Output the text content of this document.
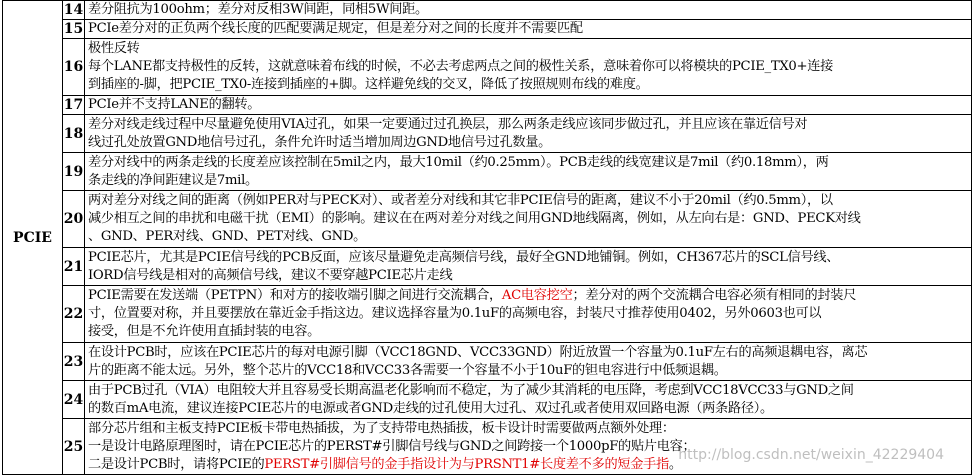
PCIE	14	差分阻抗为100ohm；差分对反相3W间距，同相5W间距。

	15	PCIe差分对的正负两个线长度的匹配要满足规定，但是差分对之间的长度并不需要匹配

	16	极性反转
每个LANE都支持极性的反转，这就意味着布线的时候，不必去考虑两点之间的极性关系，意味着你可以将模块的PCIE_TX0+连接
到插座的-脚，把PCIE_TX0-连接到插座的+脚。这样避免线的交叉，降低了按照规则布线的难度。

	17	PCIe并不支持LANE的翻转。

	18	差分对线走线过程中尽量避免使用VIA过孔，如果一定要通过过孔换层，那么两条走线应该同步做过孔，并且应该在靠近信号对
线过孔处放置GND地信号过孔，条件允许时适当增加周边GND地信号过孔数量。

	19	差分对线中的两条走线的长度差应该控制在5mil之内，最大10mil（约0.25mm）。PCB走线的线宽建议是7mil（约0.18mm），两
条走线的净间距建议是7mil。

	20	两对差分对线之间的距离（例如PER对与PECK对）、或者差分对线和其它非PCIE信号的距离，建议不小于20mil（约0.5mm），以
减少相互之间的串扰和电磁干扰（EMI）的影响。建议在在两对差分对线之间用GND地线隔离，例如，从左向右是：GND、PECK对线
、GND、PER对线、GND、PET对线、GND。

	21	PCIE芯片，尤其是PCIE信号线的PCB反面，应该尽量避免走高频信号线，最好全GND地铺铜。例如，CH367芯片的SCL信号线、
IORD信号线是相对的高频信号线，建议不要穿越PCIE芯片走线

	22	PCIE需要在发送端（PETPN）和对方的接收端引脚之间进行交流耦合，AC电容挖空；差分对的两个交流耦合电容必须有相同的封装尺
寸，位置要对称，并且要摆放在靠近金手指这边。建议选择容量为0.1uF的高频电容，封装尺寸推荐使用0402，另外0603也可以
接受，但是不允许使用直插封装的电容。

	23	在设计PCB时，应该在PCIE芯片的每对电源引脚（VCC18GND、VCC33GND）附近放置一个容量为0.1uF左右的高频退耦电容，离芯
片的距离不能太远。另外，整个芯片的VCC18和VCC33各需要一个容量不小于10uF的钽电容进行中低频退耦。

	24	由于PCB过孔（VIA）电阻较大并且容易受长期高温老化影响而不稳定，为了减少其消耗的电压降，考虑到VCC18VCC33与GND之间
的数百mA电流，建议连接PCIE芯片的电源或者GND走线的过孔使用大过孔、双过孔或者使用双回路电源（两条路径）。

	25	部分芯片组和主板支持PCIE板卡带电热插拔，为了支持带电热插拔，板卡设计时需要做两点额外处理：
一是设计电路原理图时，请在PCIE芯片的PERST#引脚信号线与GND之间跨接一个1000pF的贴片电容；
二是设计PCB时，请将PCIE的PERST#引脚信号的金手指设计为与PRSNT1#长度差不多的短金手指。
http://blog.csdn.net/weixin_42229404
